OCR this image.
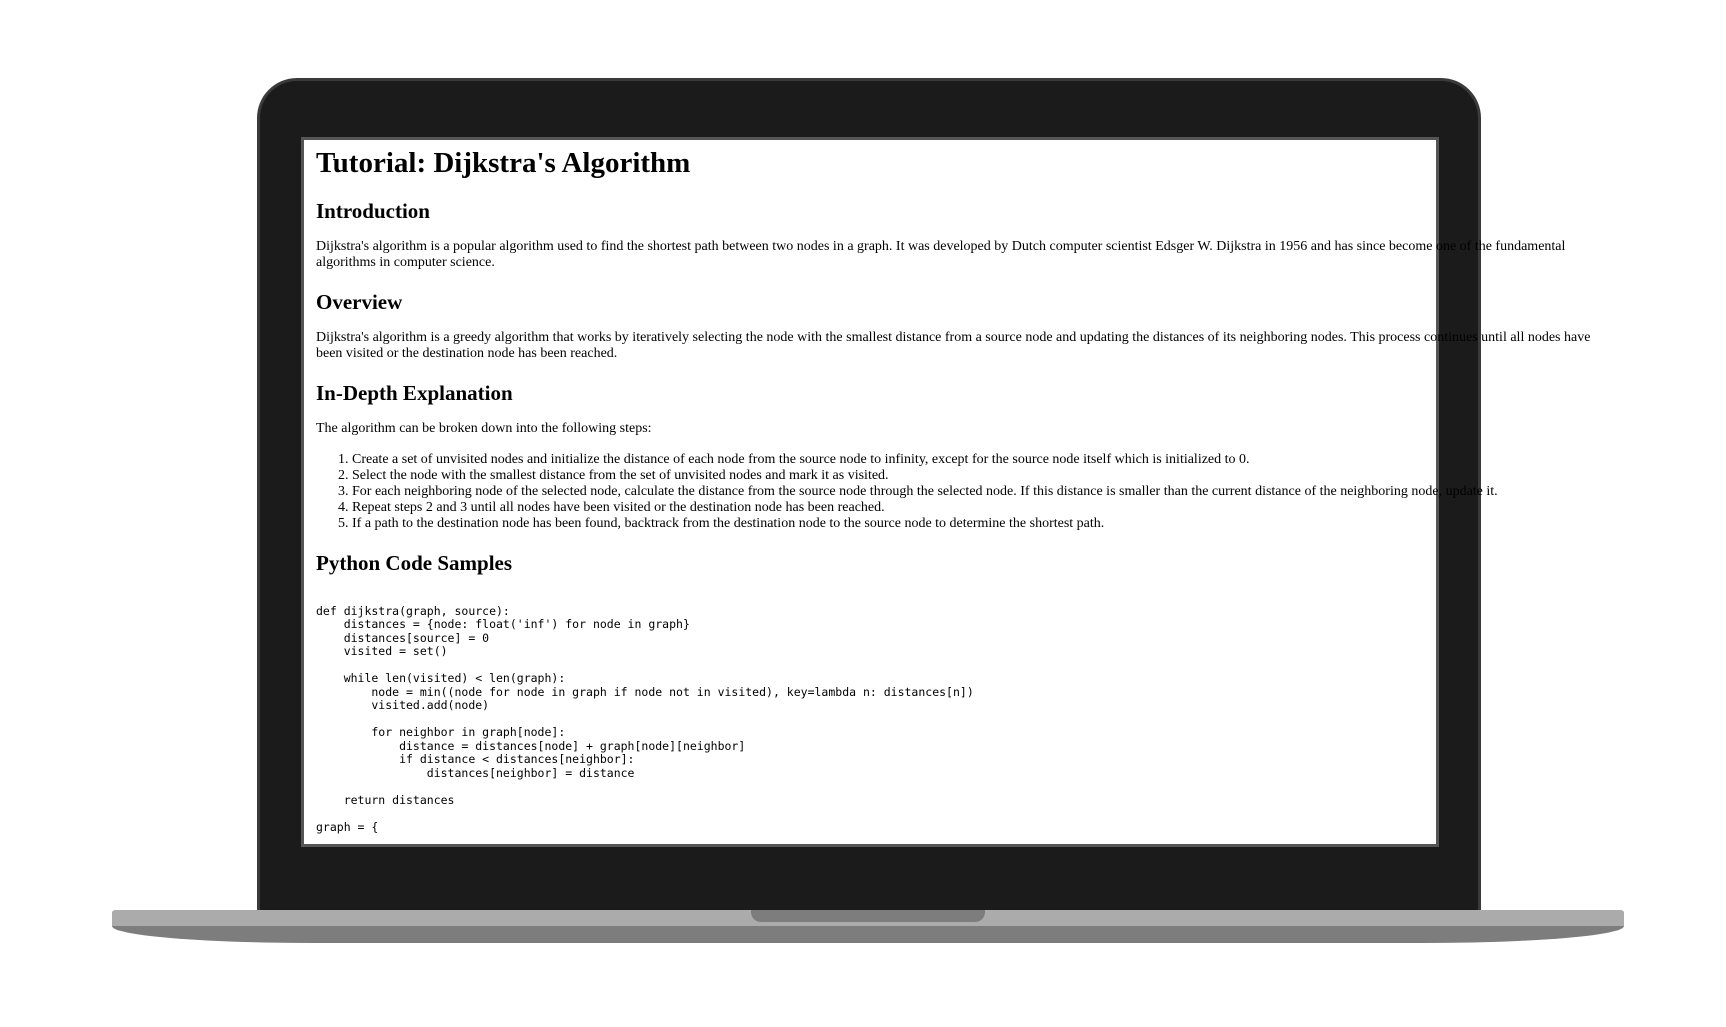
Tutorial: Dijkstra's Algorithm
Introduction

Dijkstra's algorithm is a popular algorithm used to find the shortest path between two nodes in a graph. It was developed by Dutch computer scientist Edsger W. Dijkstra in 1956 and has since become one of the fundamental algorithms in computer science.

Overview

Dijkstra's algorithm is a greedy algorithm that works by iteratively selecting the node with the smallest distance from a source node and updating the distances of its neighboring nodes. This process continues until all nodes have been visited or the destination node has been reached.

In-Depth Explanation

The algorithm can be broken down into the following steps:

1. Create a set of unvisited nodes and initialize the distance of each node from the source node to infinity, except for the source node itself which is initialized to 0.
2. Select the node with the smallest distance from the set of unvisited nodes and mark it as visited.
3. For each neighboring node of the selected node, calculate the distance from the source node through the selected node. If this distance is smaller than the current distance of the neighboring node, update it.
4. Repeat steps 2 and 3 until all nodes have been visited or the destination node has been reached.
5. If a path to the destination node has been found, backtrack from the destination node to the source node to determine the shortest path.
Python Code Samples

def dijkstra(graph, source):
distances = {node: float('inf') for node in graph}
distances[source] = 0
visited = set()

while len(visited) < len(graph):
node = min((node for node in graph if node not in visited), key=lambda n: distances[n])
visited.add(node)

for neighbor in graph[node]:
distance = distances[node] + graph[node][neighbor]
if distance < distances[neighbor]:
distances[neighbor] = distance

return distances

graph = {
